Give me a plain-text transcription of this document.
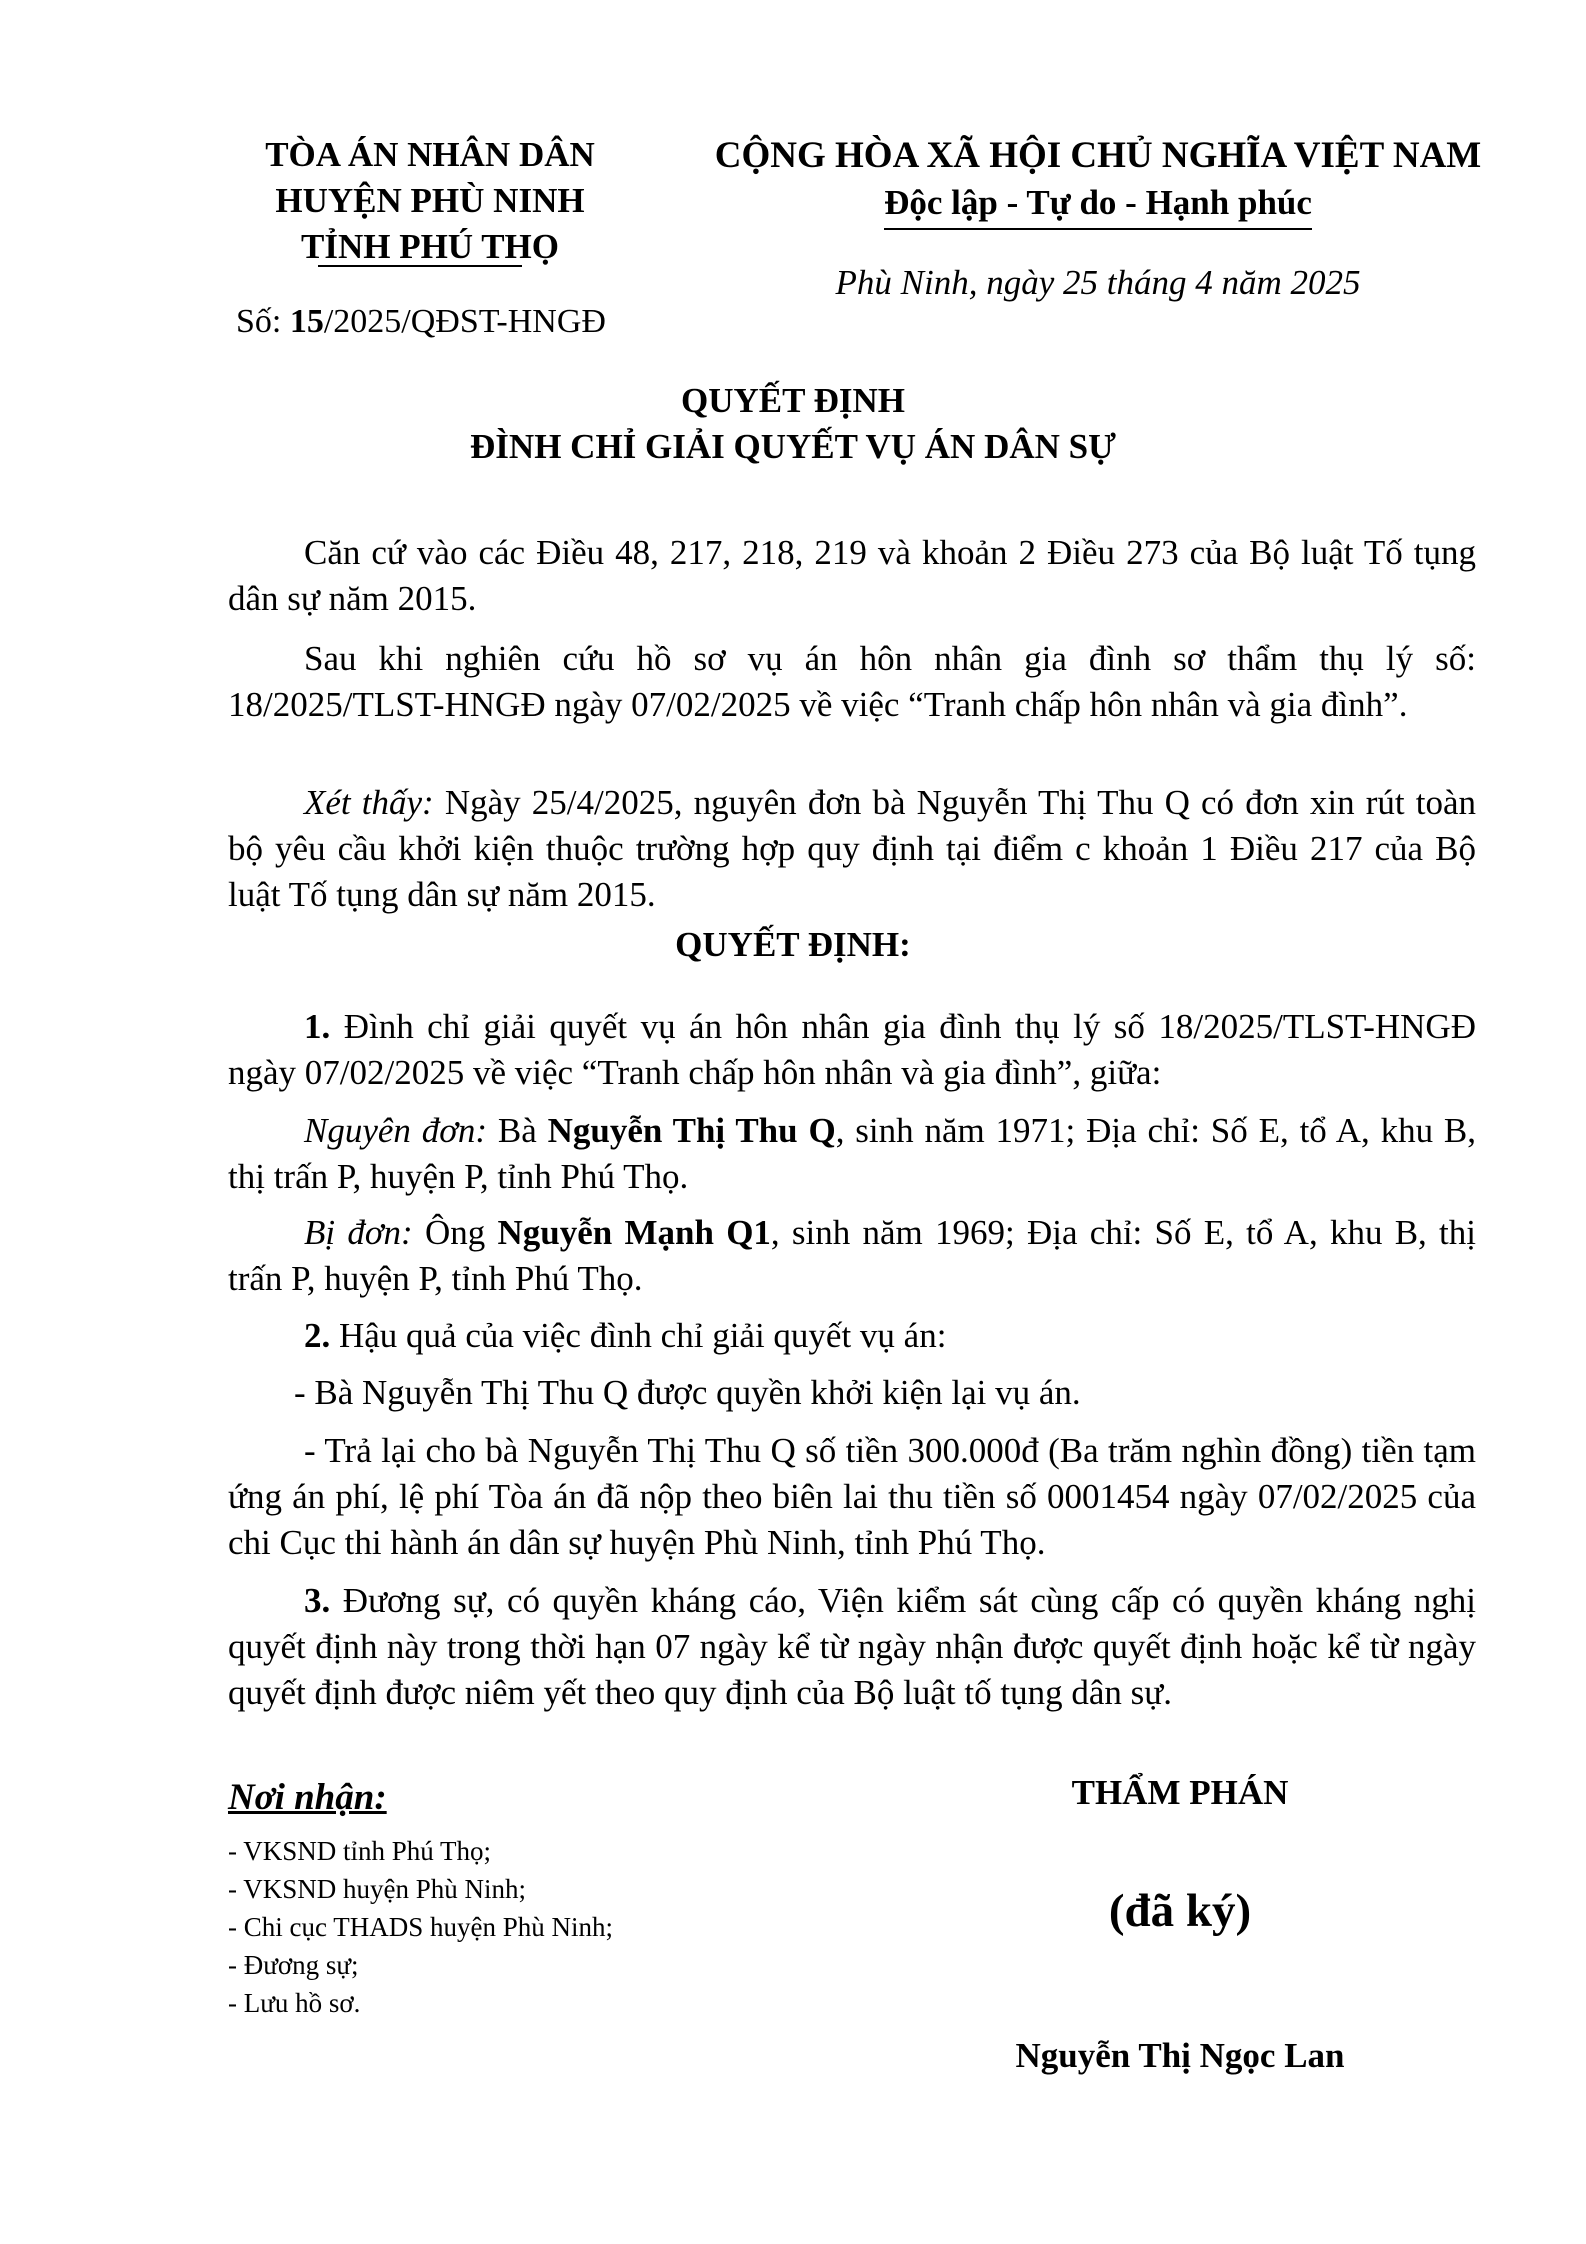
TÒA ÁN NHÂN DÂN
HUYỆN PHÙ NINH
TỈNH PHÚ THỌ
Số: 15/2025/QĐST-HNGĐ
CỘNG HÒA XÃ HỘI CHỦ NGHĨA VIỆT NAM
Độc lập - Tự do - Hạnh phúc
Phù Ninh, ngày 25 tháng 4 năm 2025
QUYẾT ĐỊNH
ĐÌNH CHỈ GIẢI QUYẾT VỤ ÁN DÂN SỰ

Căn cứ vào các Điều 48, 217, 218, 219 và khoản 2 Điều 273 của Bộ luật Tố tụng dân sự năm 2015.

Sau khi nghiên cứu hồ sơ vụ án hôn nhân gia đình sơ thẩm thụ lý số: 18/2025/TLST-HNGĐ ngày 07/02/2025 về việc “Tranh chấp hôn nhân và gia đình”.

Xét thấy: Ngày 25/4/2025, nguyên đơn bà Nguyễn Thị Thu Q có đơn xin rút toàn bộ yêu cầu khởi kiện thuộc trường hợp quy định tại điểm c khoản 1 Điều 217 của Bộ luật Tố tụng dân sự năm 2015.

QUYẾT ĐỊNH:

1. Đình chỉ giải quyết vụ án hôn nhân gia đình thụ lý số 18/2025/TLST-HNGĐ ngày 07/02/2025 về việc “Tranh chấp hôn nhân và gia đình”, giữa:

Nguyên đơn: Bà Nguyễn Thị Thu Q, sinh năm 1971; Địa chỉ: Số E, tổ A, khu B, thị trấn P, huyện P, tỉnh Phú Thọ.

Bị đơn: Ông Nguyễn Mạnh Q1, sinh năm 1969; Địa chỉ: Số E, tổ A, khu B, thị trấn P, huyện P, tỉnh Phú Thọ.

2. Hậu quả của việc đình chỉ giải quyết vụ án:

- Bà Nguyễn Thị Thu Q được quyền khởi kiện lại vụ án.

- Trả lại cho bà Nguyễn Thị Thu Q số tiền 300.000đ (Ba trăm nghìn đồng) tiền tạm ứng án phí, lệ phí Tòa án đã nộp theo biên lai thu tiền số 0001454 ngày 07/02/2025 của chi Cục thi hành án dân sự huyện Phù Ninh, tỉnh Phú Thọ.

3. Đương sự, có quyền kháng cáo, Viện kiểm sát cùng cấp có quyền kháng nghị quyết định này trong thời hạn 07 ngày kể từ ngày nhận được quyết định hoặc kể từ ngày quyết định được niêm yết theo quy định của Bộ luật tố tụng dân sự.

Nơi nhận:
- VKSND tỉnh Phú Thọ;
- VKSND huyện Phù Ninh;
- Chi cục THADS huyện Phù Ninh;
- Đương sự;
- Lưu hồ sơ.
THẨM PHÁN
(đã ký)
Nguyễn Thị Ngọc Lan
